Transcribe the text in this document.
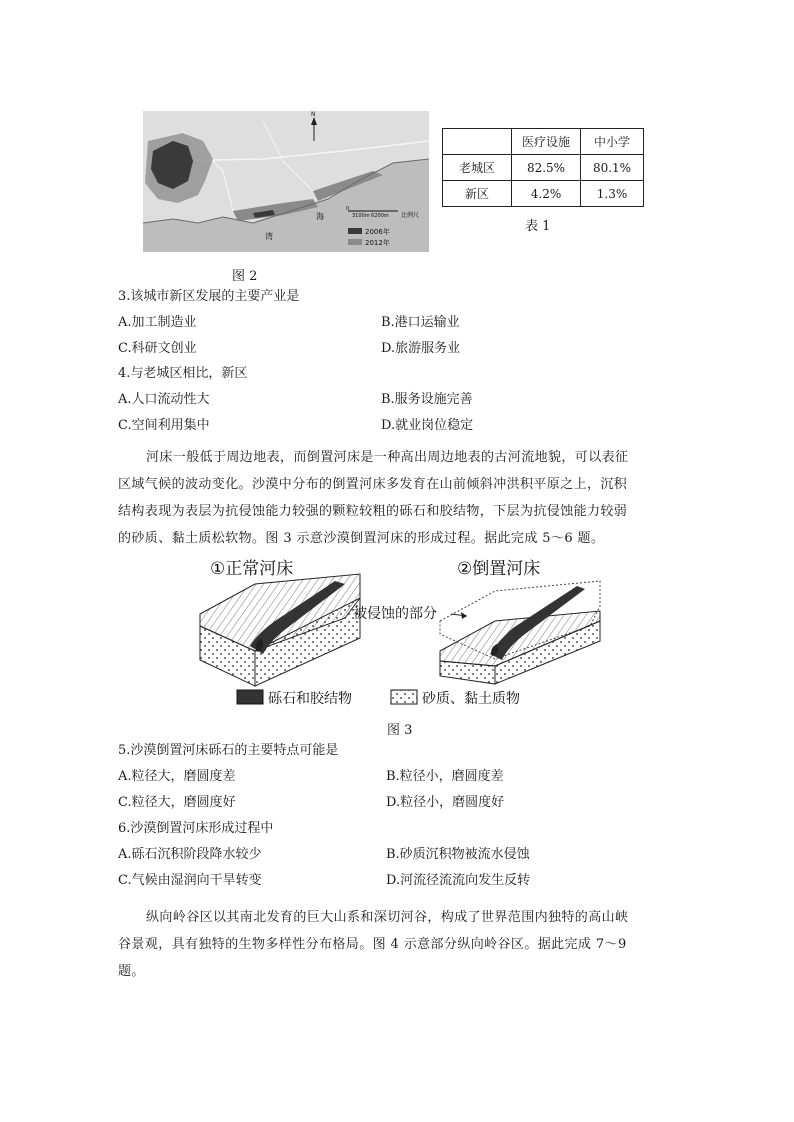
N
海
湾
0
3100m 6200m 比例尺
2006年
2012年
	医疗设施	中小学
老城区	82.5%	80.1%
新区	4.2%	1.3%
表 1
图 2
3.该城市新区发展的主要产业是
A.加工制造业	B.港口运输业
C.科研文创业	D.旅游服务业
4.与老城区相比，新区
A.人口流动性大	B.服务设施完善
C.空间利用集中	D.就业岗位稳定
河床一般低于周边地表，而倒置河床是一种高出周边地表的古河流地貌，可以表征
区域气候的波动变化。沙漠中分布的倒置河床多发育在山前倾斜冲洪积平原之上，沉积
结构表现为表层为抗侵蚀能力较强的颗粒较粗的砾石和胶结物，下层为抗侵蚀能力较弱
的砂质、黏土质松软物。图 3 示意沙漠倒置河床的形成过程。据此完成 5～6 题。
①正常河床	②倒置河床
被侵蚀的部分
砾石和胶结物	砂质、黏土质物
图 3
5.沙漠倒置河床砾石的主要特点可能是
A.粒径大，磨圆度差	B.粒径小，磨圆度差
C.粒径大，磨圆度好	D.粒径小，磨圆度好
6.沙漠倒置河床形成过程中
A.砾石沉积阶段降水较少	B.砂质沉积物被流水侵蚀
C.气候由湿润向干旱转变	D.河流径流流向发生反转
纵向岭谷区以其南北发育的巨大山系和深切河谷，构成了世界范围内独特的高山峡
谷景观，具有独特的生物多样性分布格局。图 4 示意部分纵向岭谷区。据此完成 7～9
题。
